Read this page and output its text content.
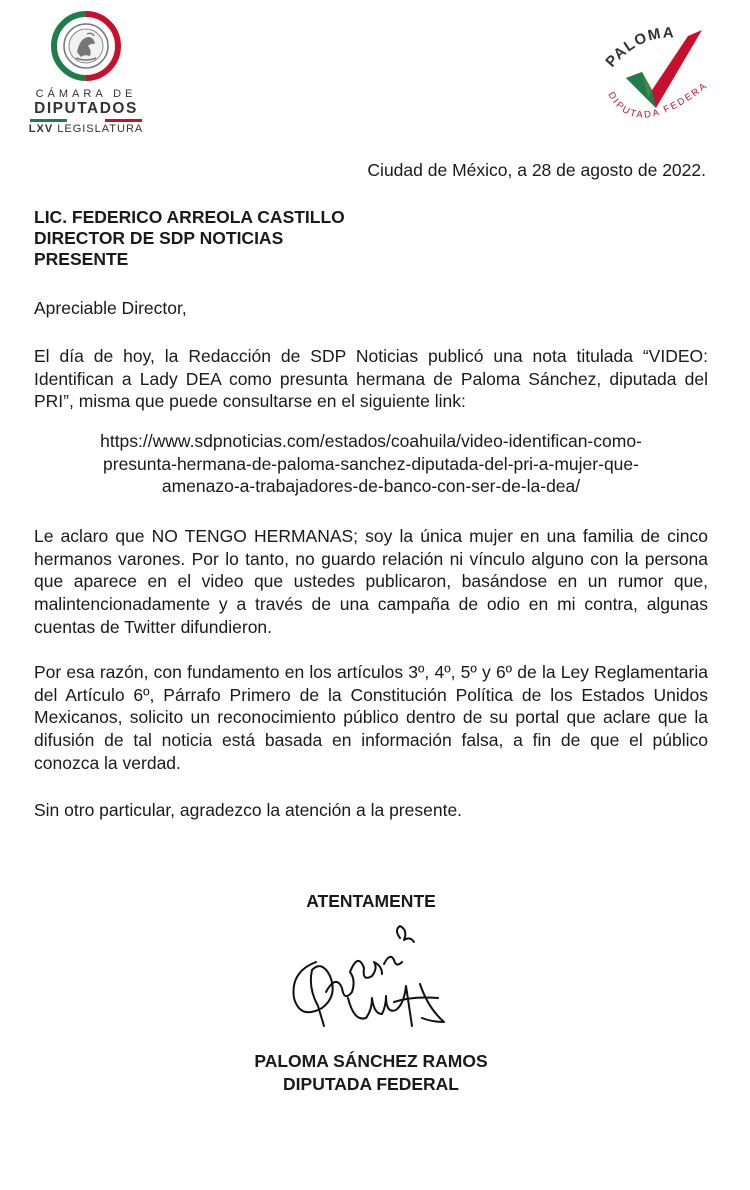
CÁMARA DE
DIPUTADOS
LXV LEGISLATURA
PALOMA
DIPUTADA FEDERA
Ciudad de México, a 28 de agosto de 2022.
LIC. FEDERICO ARREOLA CASTILLO
DIRECTOR DE SDP NOTICIAS
PRESENTE
Apreciable Director,
El día de hoy, la Redacción de SDP Noticias publicó una nota titulada “VIDEO: Identifican a Lady DEA como presunta hermana de Paloma Sánchez, diputada del PRI”, misma que puede consultarse en el siguiente link:
https://www.sdpnoticias.com/estados/coahuila/video-identifican-como-
presunta-hermana-de-paloma-sanchez-diputada-del-pri-a-mujer-que-
amenazo-a-trabajadores-de-banco-con-ser-de-la-dea/
Le aclaro que NO TENGO HERMANAS; soy la única mujer en una familia de cinco hermanos varones. Por lo tanto, no guardo relación ni vínculo alguno con la persona que aparece en el video que ustedes publicaron, basándose en un rumor que, malintencionadamente y a través de una campaña de odio en mi contra, algunas cuentas de Twitter difundieron.
Por esa razón, con fundamento en los artículos 3º, 4º, 5º y 6º de la Ley Reglamentaria del Artículo 6º, Párrafo Primero de la Constitución Política de los Estados Unidos Mexicanos, solicito un reconocimiento público dentro de su portal que aclare que la difusión de tal noticia está basada en información falsa, a fin de que el público conozca la verdad.
Sin otro particular, agradezco la atención a la presente.
ATENTAMENTE
PALOMA SÁNCHEZ RAMOS
DIPUTADA FEDERAL
